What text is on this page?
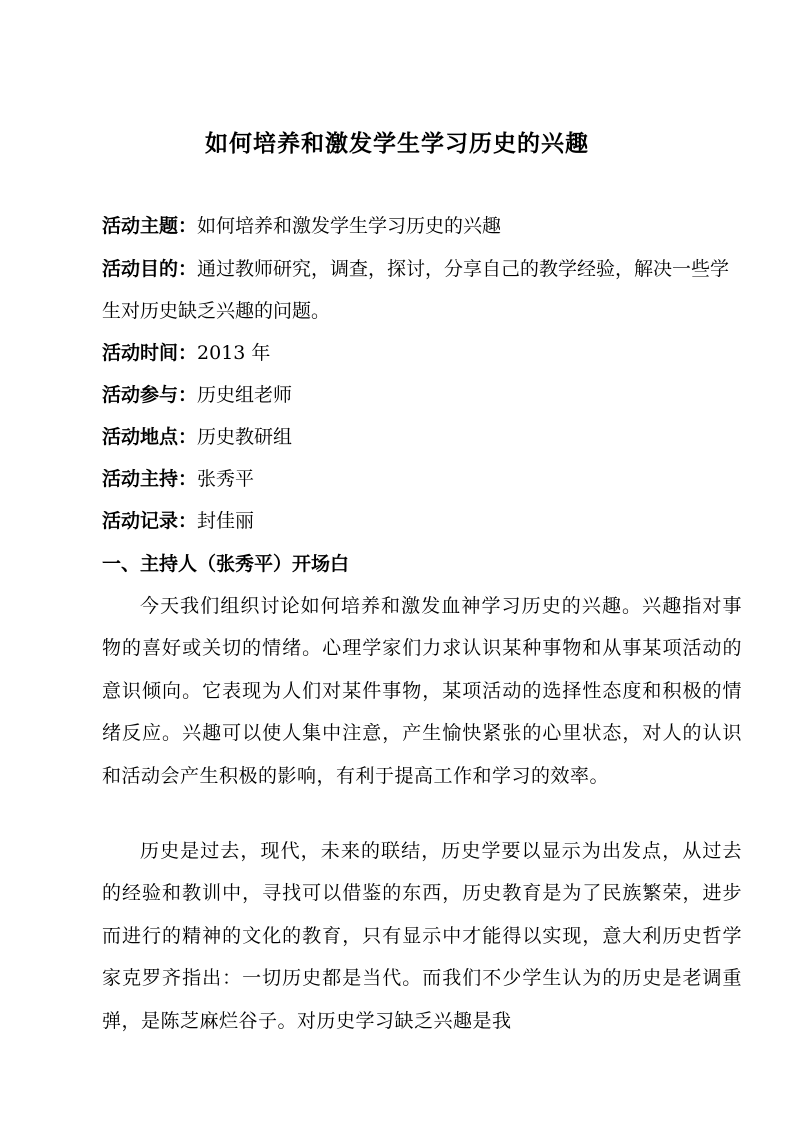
如何培养和激发学生学习历史的兴趣
活动主题：如何培养和激发学生学习历史的兴趣
活动目的：通过教师研究，调查，探讨，分享自己的教学经验，解决一些学生对历史缺乏兴趣的问题。
活动时间：2013 年
活动参与：历史组老师
活动地点：历史教研组
活动主持：张秀平
活动记录：封佳丽
一、主持人（张秀平）开场白
今天我们组织讨论如何培养和激发血神学习历史的兴趣。兴趣指对事物的喜好或关切的情绪。心理学家们力求认识某种事物和从事某项活动的意识倾向。它表现为人们对某件事物，某项活动的选择性态度和积极的情绪反应。兴趣可以使人集中注意，产生愉快紧张的心里状态，对人的认识和活动会产生积极的影响，有利于提高工作和学习的效率。
历史是过去，现代，未来的联结，历史学要以显示为出发点，从过去的经验和教训中，寻找可以借鉴的东西，历史教育是为了民族繁荣，进步而进行的精神的文化的教育，只有显示中才能得以实现，意大利历史哲学家克罗齐指出：一切历史都是当代。而我们不少学生认为的历史是老调重弹，是陈芝麻烂谷子。对历史学习缺乏兴趣是我
